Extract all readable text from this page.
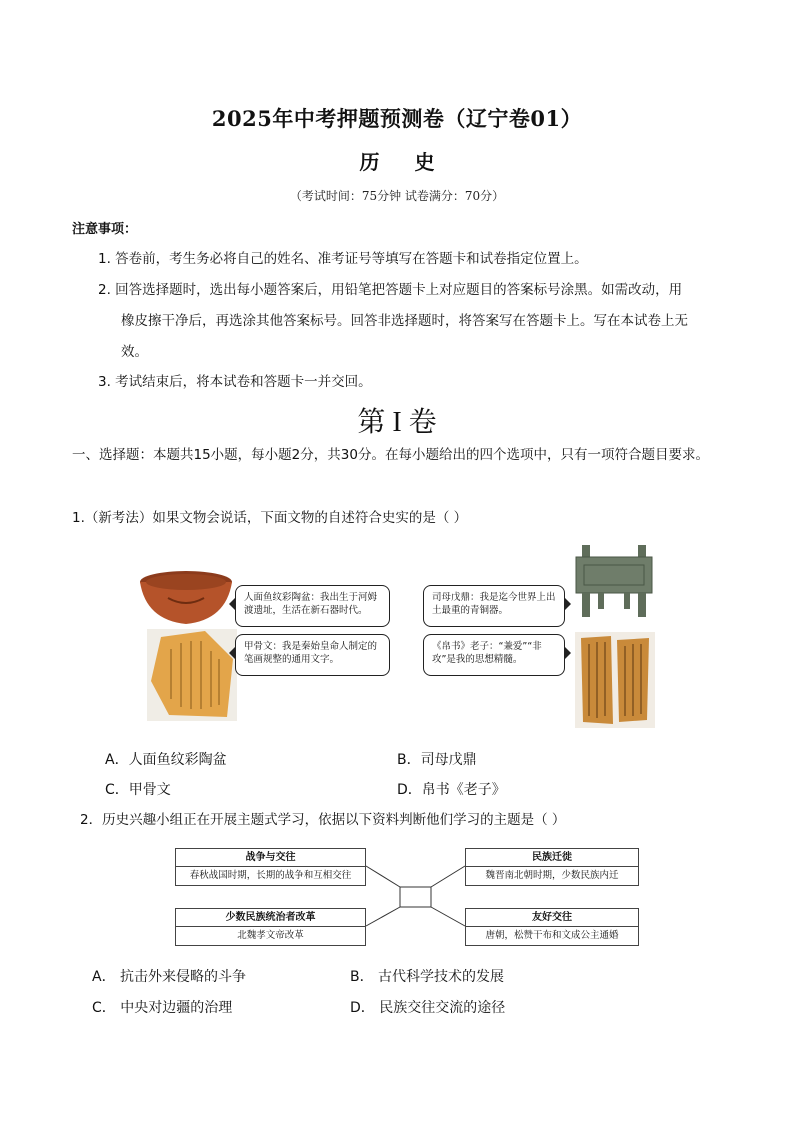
2025年中考押题预测卷（辽宁卷01）
历 史
（考试时间：75分钟 试卷满分：70分）
注意事项：
1. 答卷前，考生务必将自己的姓名、准考证号等填写在答题卡和试卷指定位置上。
2. 回答选择题时，选出每小题答案后，用铅笔把答题卡上对应题目的答案标号涂黑。如需改动，用
橡皮擦干净后，再选涂其他答案标号。回答非选择题时，将答案写在答题卡上。写在本试卷上无
效。
3. 考试结束后，将本试卷和答题卡一并交回。
第 I 卷
一、选择题：本题共15小题，每小题2分，共30分。在每小题给出的四个选项中，只有一项符合题目要求。
1.（新考法）如果文物会说话，下面文物的自述符合史实的是（ ）
人面鱼纹彩陶盆：我出生于河姆渡遗址，生活在新石器时代。
甲骨文：我是秦始皇命人制定的笔画规整的通用文字。
司母戊鼎：我是迄今世界上出土最重的青铜器。
《帛书》老子：“兼爱”“非攻”是我的思想精髓。
A．人面鱼纹彩陶盆	B．司母戊鼎
C．甲骨文	D．帛书《老子》
2．历史兴趣小组正在开展主题式学习，依据以下资料判断他们学习的主题是（ ）
战争与交往
春秋战国时期，长期的战争和互相交往
民族迁徙
魏晋南北朝时期，少数民族内迁
少数民族统治者改革
北魏孝文帝改革
友好交往
唐朝，松赞干布和文成公主通婚
A． 抗击外来侵略的斗争	B． 古代科学技术的发展
C． 中央对边疆的治理	D． 民族交往交流的途径
